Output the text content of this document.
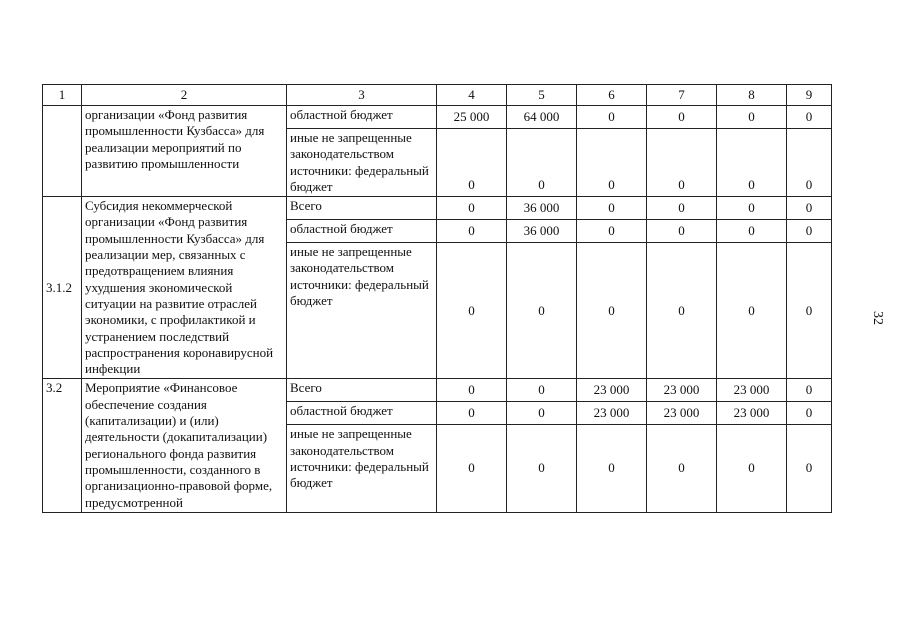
1	2	3	4	5	6	7	8	9
	организации «Фонд развития промышленности Кузбасса» для реализации мероприятий по развитию промышленности	областной бюджет	25 000	64 000	0	0	0	0
		иные не запрещенные законодательством источники: федеральный бюджет	0	0	0	0	0	0
3.1.2	Субсидия некоммерческой организации «Фонд развития промышленности Кузбасса» для реализации мер, связанных с предотвращением влияния ухудшения экономической ситуации на развитие отраслей экономики, с профилактикой и устранением последствий распространения коронавирусной инфекции	Всего	0	36 000	0	0	0	0
		областной бюджет	0	36 000	0	0	0	0
		иные не запрещенные законодательством источники: федеральный бюджет	0	0	0	0	0	0
3.2	Мероприятие «Финансовое обеспечение создания (капитализации) и (или) деятельности (докапитализации) регионального фонда развития промышленности, созданного в организационно-правовой форме, предусмотренной	Всего	0	0	23 000	23 000	23 000	0
		областной бюджет	0	0	23 000	23 000	23 000	0
		иные не запрещенные законодательством источники: федеральный бюджет	0	0	0	0	0	0
32
